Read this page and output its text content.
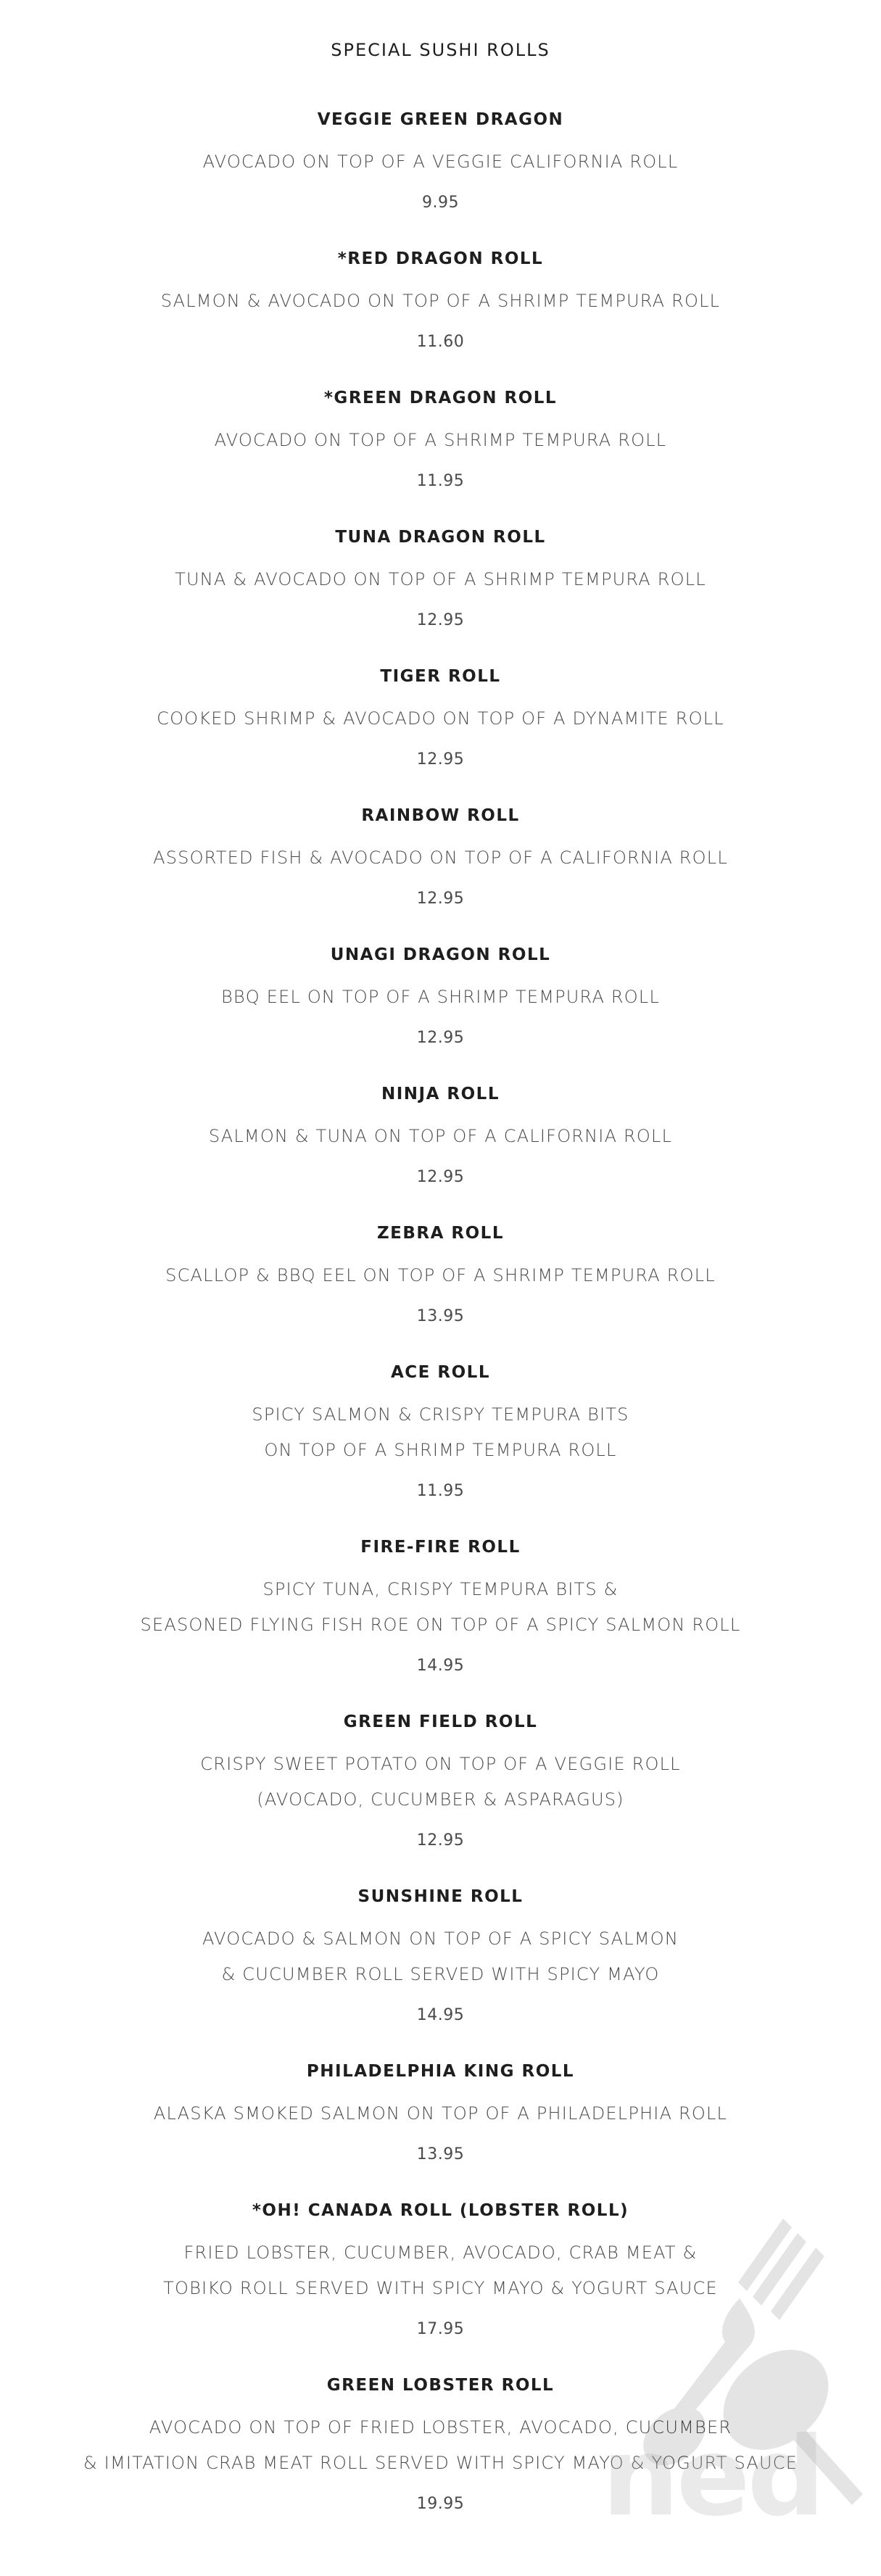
SPECIAL SUSHI ROLLS
VEGGIE GREEN DRAGON
AVOCADO ON TOP OF A VEGGIE CALIFORNIA ROLL
9.95
*RED DRAGON ROLL
SALMON & AVOCADO ON TOP OF A SHRIMP TEMPURA ROLL
11.60
*GREEN DRAGON ROLL
AVOCADO ON TOP OF A SHRIMP TEMPURA ROLL
11.95
TUNA DRAGON ROLL
TUNA & AVOCADO ON TOP OF A SHRIMP TEMPURA ROLL
12.95
TIGER ROLL
COOKED SHRIMP & AVOCADO ON TOP OF A DYNAMITE ROLL
12.95
RAINBOW ROLL
ASSORTED FISH & AVOCADO ON TOP OF A CALIFORNIA ROLL
12.95
UNAGI DRAGON ROLL
BBQ EEL ON TOP OF A SHRIMP TEMPURA ROLL
12.95
NINJA ROLL
SALMON & TUNA ON TOP OF A CALIFORNIA ROLL
12.95
ZEBRA ROLL
SCALLOP & BBQ EEL ON TOP OF A SHRIMP TEMPURA ROLL
13.95
ACE ROLL
SPICY SALMON & CRISPY TEMPURA BITS
ON TOP OF A SHRIMP TEMPURA ROLL
11.95
FIRE-FIRE ROLL
SPICY TUNA, CRISPY TEMPURA BITS &
SEASONED FLYING FISH ROE ON TOP OF A SPICY SALMON ROLL
14.95
GREEN FIELD ROLL
CRISPY SWEET POTATO ON TOP OF A VEGGIE ROLL
(AVOCADO, CUCUMBER & ASPARAGUS)
12.95
SUNSHINE ROLL
AVOCADO & SALMON ON TOP OF A SPICY SALMON
& CUCUMBER ROLL SERVED WITH SPICY MAYO
14.95
PHILADELPHIA KING ROLL
ALASKA SMOKED SALMON ON TOP OF A PHILADELPHIA ROLL
13.95
*OH! CANADA ROLL (LOBSTER ROLL)
FRIED LOBSTER, CUCUMBER, AVOCADO, CRAB MEAT &
TOBIKO ROLL SERVED WITH SPICY MAYO & YOGURT SAUCE
17.95
GREEN LOBSTER ROLL
AVOCADO ON TOP OF FRIED LOBSTER, AVOCADO, CUCUMBER
& IMITATION CRAB MEAT ROLL SERVED WITH SPICY MAYO & YOGURT SAUCE
19.95	ned
